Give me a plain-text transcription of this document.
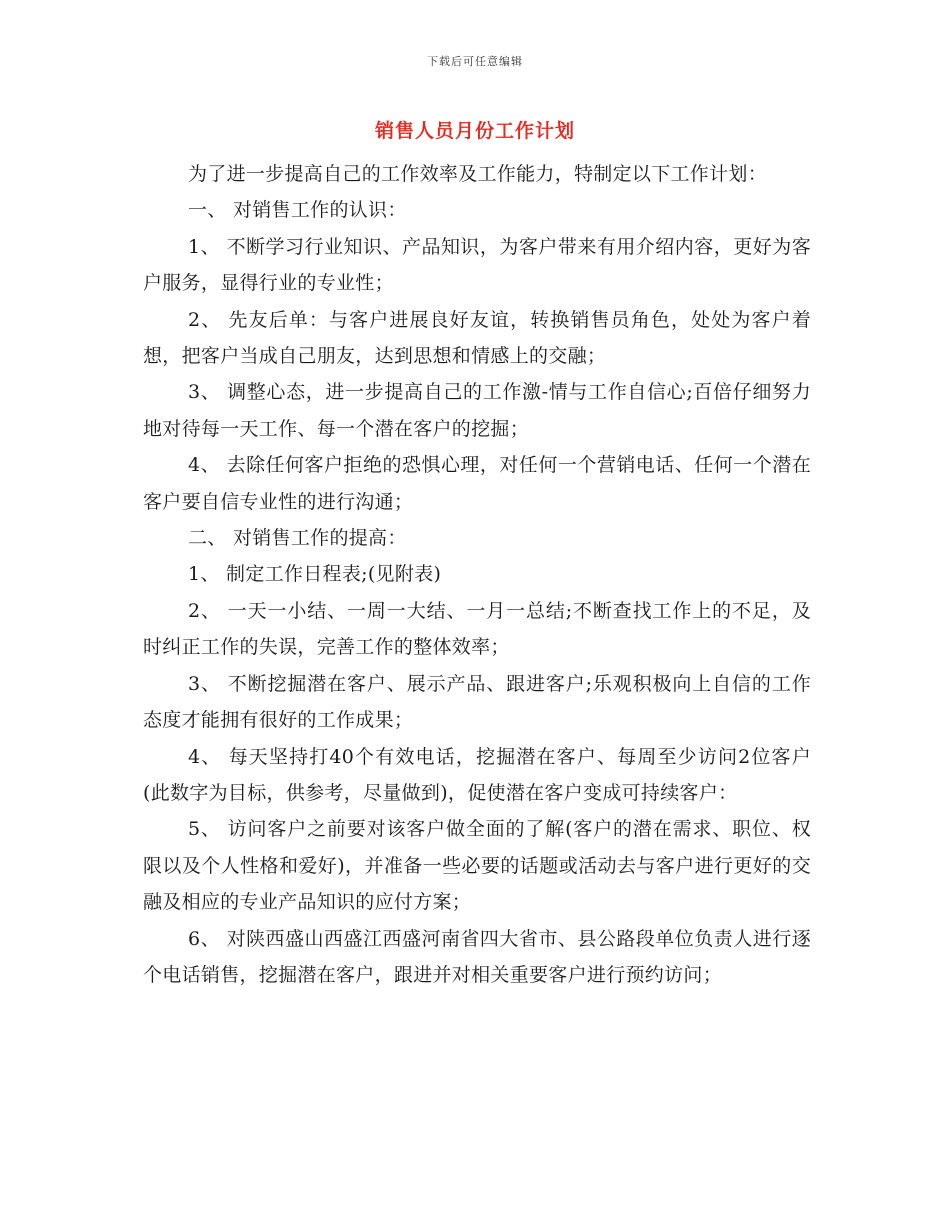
下载后可任意编辑
销售人员月份工作计划

为了进一步提高自己的工作效率及工作能力，特制定以下工作计划：

一、 对销售工作的认识：

1、 不断学习行业知识、产品知识，为客户带来有用介绍内容，更好为客户服务，显得行业的专业性；

2、 先友后单：与客户进展良好友谊，转换销售员角色，处处为客户着想，把客户当成自己朋友，达到思想和情感上的交融；

3、 调整心态，进一步提高自己的工作激-情与工作自信心;百倍仔细努力地对待每一天工作、每一个潜在客户的挖掘；

4、 去除任何客户拒绝的恐惧心理，对任何一个营销电话、任何一个潜在客户要自信专业性的进行沟通；

二、 对销售工作的提高：

1、 制定工作日程表;(见附表)

2、 一天一小结、一周一大结、一月一总结;不断查找工作上的不足，及时纠正工作的失误，完善工作的整体效率；

3、 不断挖掘潜在客户、展示产品、跟进客户;乐观积极向上自信的工作态度才能拥有很好的工作成果；

4、 每天坚持打40个有效电话，挖掘潜在客户、每周至少访问2位客户(此数字为目标，供参考，尽量做到)，促使潜在客户变成可持续客户：

5、 访问客户之前要对该客户做全面的了解(客户的潜在需求、职位、权限以及个人性格和爱好)，并准备一些必要的话题或活动去与客户进行更好的交融及相应的专业产品知识的应付方案；

6、 对陕西盛山西盛江西盛河南省四大省市、县公路段单位负责人进行逐个电话销售，挖掘潜在客户，跟进并对相关重要客户进行预约访问；
